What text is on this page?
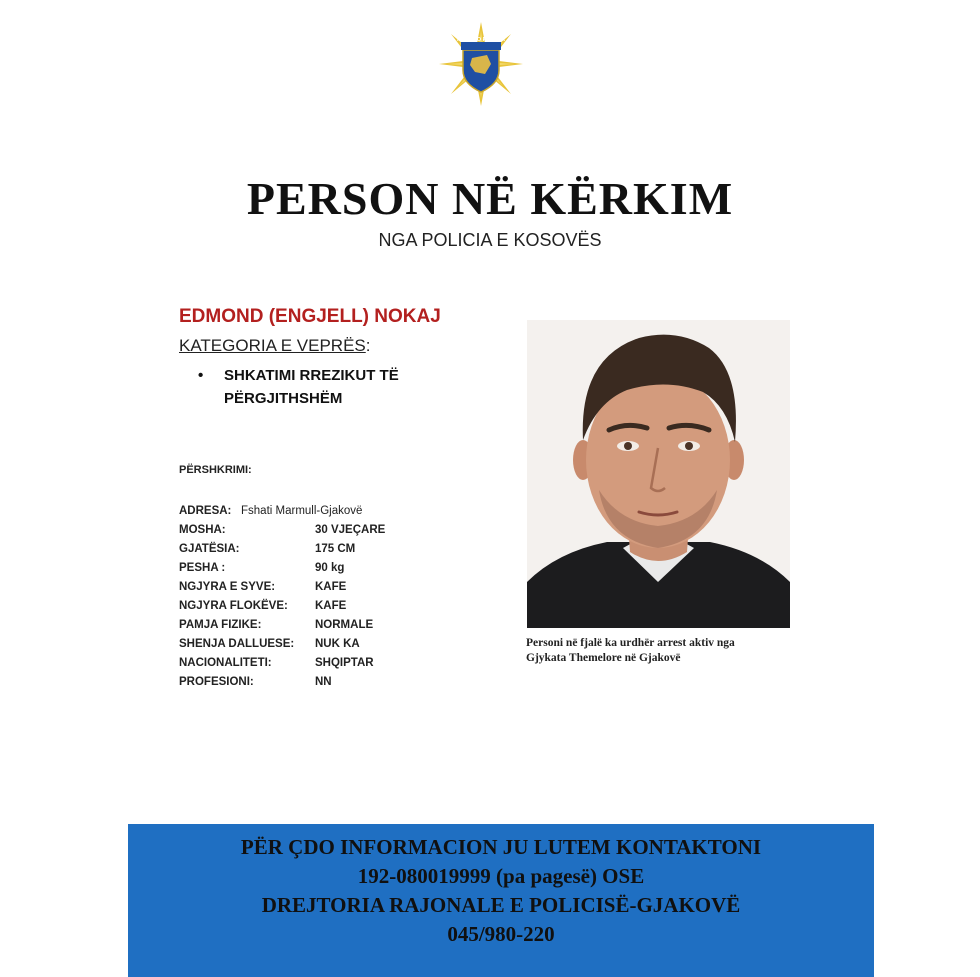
KOSOVO POLICIA
PERSON NË KËRKIM
NGA POLICIA E KOSOVËS
EDMOND (ENGJELL) NOKAJ
KATEGORIA E VEPRËS:
•	SHKATIMI RREZIKUT TË
PËRGJITHSHËM
PËRSHKRIMI:
ADRESA: Fshati Marmull-Gjakovë
MOSHA:	30 VJEÇARE
GJATËSIA:	175 CM
PESHA :	90 kg
NGJYRA E SYVE:	KAFE
NGJYRA FLOKËVE:	KAFE
PAMJA FIZIKE:	NORMALE
SHENJA DALLUESE:	NUK KA
NACIONALITETI:	SHQIPTAR
PROFESIONI:	NN
Personi në fjalë ka urdhër arrest aktiv nga
Gjykata Themelore në Gjakovë
PËR ÇDO INFORMACION JU LUTEM KONTAKTONI
192-080019999 (pa pagesë) OSE
DREJTORIA RAJONALE E POLICISË-GJAKOVË
045/980-220
